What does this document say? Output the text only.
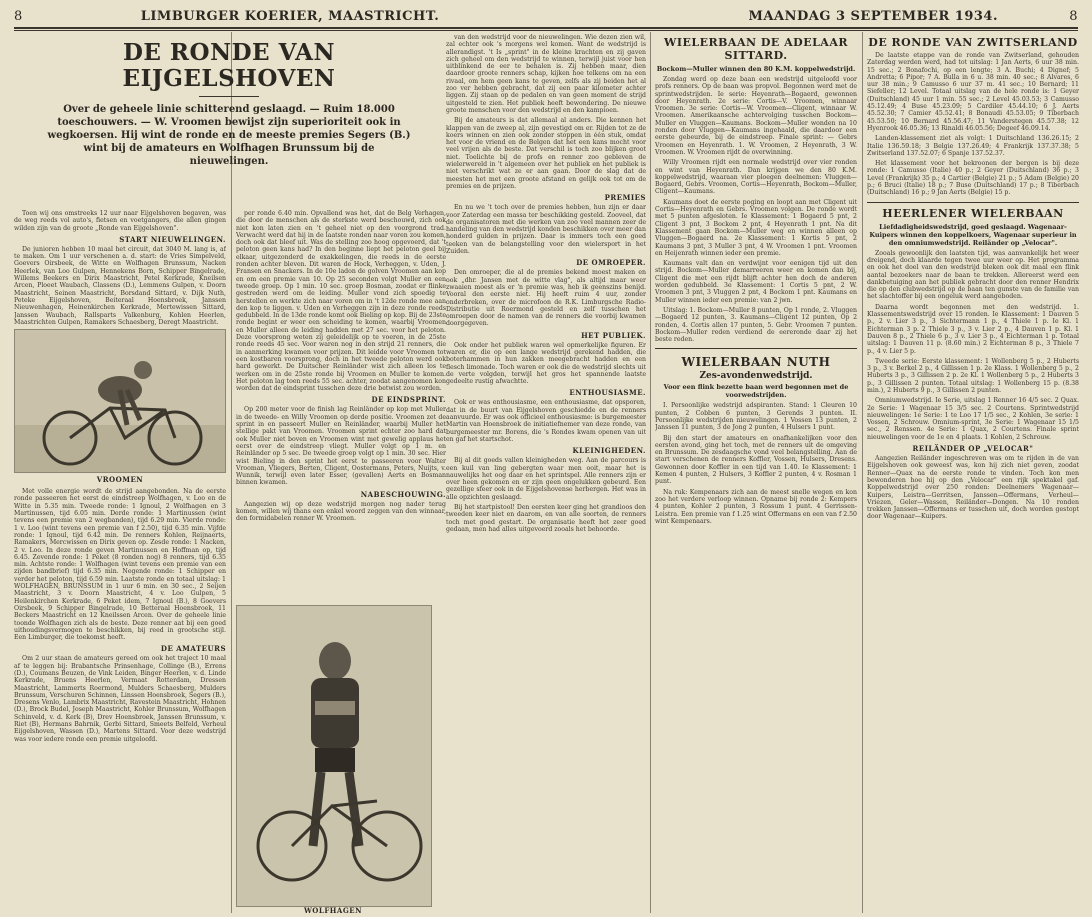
8	LIMBURGER KOERIER, MAASTRICHT.	MAANDAG 3 SEPTEMBER 1934.	8
DE RONDE VAN EIJGELSHOVEN
Over de geheele linie schitterend geslaagd. — Ruim 18.000 toeschouwers. — W. Vroomen bewijst zijn superioriteit ook in wegkoersen. Hij wint de ronde en de meeste premies Segers (B.) wint bij de amateurs en Wolfhagen Brunssum bij de nieuwelingen.

Toen wij ons omstreeks 12 uur naar Eijgelshoven begaven, was de weg reeds vol auto's, fietsen en voetgangers, die allen gingen wilden zijn van de groote „Ronde van Eijgelshoven".

START NIEUWELINGEN.

De junioren hebben 10 maal het circuit, dat 3040 M. lang is, af te maken. Om 1 uur verschenen a. d. start: de Vries Simpelveld, Goevers Oirsbeek, de Witte en Wolfhagen Brunssum, Nacken Heerlek, van Loo Gulpen, Hennekens Born, Schipper Bingelrade, Willems Beekers en Dirix Maastricht, Petel Kerkrade, Kneilsen Arcen, Ploeet Waubach, Classens (D.), Lemmens Gulpen, v. Doorn Maastricht, Seinen Maastricht, Borsdand Sittard, v. Dijk Nuth, Peteke Eijgelshoven, Beiteraal Hoensbroek, Janssen Nieuwenhagen, Heinenkirchen Kerkrade, Mertewissen Sittard, Janssen Waubach, Rallsparts Valkenburg, Kohlen Heerlen, Maastrichten Gulpen, Ramakers Schaesberg, Deregt Maastricht.

VROOMEN

Met volle energie wordt de strijd aangebonden. Na de eerste ronde passeeren het eerst de eindstreep Wolfhagen, v. Loo en de Witte in 5.35 min. Tweede ronde: 1 Ignoul, 2 Wolfhagen en 3 Martinussen, tijd 6.05 min. Derde ronde: 1 Martinussen (wint tevens een premie van 2 wegbanden), tijd 6.29 min. Vierde ronde: 1 v. Loo (wint tevens een premie van f 2.50), tijd 6.35 min. Vijfde ronde: 1 Ignoul, tijd 6.42 min. De renners Kohlen, Reijnaerts, Ramakers, Mercwissen en Dirix geven op. Zesde ronde: 1 Nacken, 2 v. Loo. In deze ronde geven Martinussen en Hoffman op, tijd 6.45. Zevende ronde: 1 Peket (8 ronden nog) 8 renners, tijd 6.35 min. Achtste ronde: 1 Wolfhagen (wint tevens een premie van een zijden bandbrief) tijd 6.35 min. Negende ronde: 1 Schipper en verder het peloton, tijd 6.59 min. Laatste ronde en totaal uitslag: 1 WOLFHAGEN, BRUNSSUM in 1 uur 6 min. en 30 sec., 2 Seijen Maastricht, 3 v. Doorn Maastricht, 4 v. Loo Gulpen, 5 Heilenkirchen Kerkrade, 6 Peket idem, 7 Ignoul (B.), 8 Goevers Oirsbeek, 9 Schipper Bingelrade, 10 Betteraal Hoensbroek, 11 Beckers Maastricht en 12 Kneilssen Arcen. Over de geheele linie toonde Wolfhagen zich als de beste. Deze renner aat bij een goed uithoudingsvermogen te beschikken, bij reed in grootsche stijl. Een Limburger, die toekomst heeft.

DE AMATEURS

Om 2 uur staan de amateurs gereed om ook het traject 10 maal af te leggen bij: Brabantsche Prinsenhage, Collinge (B.), Errens (D.), Coumans Beuzen, de Vink Leiden, Binger Heerlen, v. d. Linde Kerkrade, Bruens Heerlen, Vermaat Rotterdam, Dressen Maastricht, Lammerts Roermond, Mulders Schaesberg, Mulders Brunssum, Verschuren Schinnen, Linssen Hoensbroek, Segers (B.), Dresens Venlo, Lambrix Maastricht, Ravestein Maastricht, Hohnen (D.), Brock Budel, Joseph Maastricht, Kohler Brunssum, Wolfhagen Schinveld, v. d. Kerk (B), Drev Hoensbroek, Janssen Brunssum, v. Riet (B), Hermans Bahrnik, Gerbi Sittard, Smeets Belfeld, Verheul Eijgelshoven, Wassen (D.), Martens Sittard. Voor deze wedstrijd was voor iedere ronde een premie uitgeloofd.

per ronde 6.40 min. Opvallend was het, dat de Belg Verhagen, die door de menschen als de sterkste werd beschouwd, zich ook niet kon laten zien en 't geheel niet op den voorgrond trad. Verwacht werd dat hij in de laatste ronden naar voren zou komen, doch ook dat bleef uit. Was de stelling zoo hoog opgevoerd, dat 't peloton geen kans had? In den beginne liept het peloton geel bij elkaar, uitgezonderd de exakkelingen, die reeds in de eerste ronden achter bleven. Dit waren de Hock, Verheggen, v. Uden, J. Fransen en Snackers. In de 10e ladon de golven Vroomen aan kop en om een premie van 10. Op 25 seconden volgt Muller en een tweede groep. Op 1 min. 10 sec. groep Bosman, zoodat er flinke gestreden werd om de leiding. Muller vond zich spoedig te herstellen en werkte zich naar voren om in 't 12de ronde mee aan den kop te liggen. v. Uden en Verheggen zijn in deze ronde reeds gedubbeld. In de 13de ronde komt ook Bieling op kop. Bij de 23ste ronde begint er weer een scheiding te komen, waarbij Vroomen en Muller alleen de leiding hadden met 27 sec. voor het peloton. Deze voorsprong weten zij geleidelijk op te voeren, in de 25ste ronde reeds 45 sec. Voor waren nog in den strijd 21 renners, die in aanmerking kwamen voor prijzen. Dit leidde voor Vroomen tot een kostbaren voorsprong, doch in het tweede peloton werd ook hard gewerkt. De Duitscher Reinländer wist zich alleen los te werken om in de 25ste ronde bij Vroomen en Muller te komen. Het peloton lag toen reeds 55 sec. achter, zoodat aangenomen kon worden dat de eindsprint tusschen deze drie betwist zou worden.

DE EINDSPRINT.

Op 200 meter voor de finish lag Reinländer op kop met Muller in de tweede- en Willy Vroomen op derde positie. Vroomen zet de sprint in en passeert Muller en Reinländer, waarbij Muller het stellige pakt van Vroomen. Vroomen sprint echter zoo hard dat ook Muller niet boven en Vroomen wint met gewelig applaus het eerst over de eindstreep vliegt. Muller volgt op 1 m. en Reinländer op 5 sec. De tweede groep volgt op 1 min. 30 sec. Hier wist Bieling in den sprint het eerst te passeeren voor Walter Vrooman, Vliegers, Berten, Cligent, Oostermans, Peters, Nuijts, v. Wunnik, terwijl even later Esser, (gevallen) Aerts en Bosman binnen kwamen.

NABESCHOUWING.

Aangezien wij op deze wedstrijd morgen nog nader terug komen, willen wij thans een enkel woord zeggen van den winnaar, den formidabelen renner W. Vroomen.

WOLFHAGEN

van den wedstrijd voor de nieuwelingen. Wie dezen zien wil, zal echter ook 's morgens wel komen. Want de wedstrijd is allerandigst. 't Is „sprint" in de kleine krachten en zij gaven zich geheel om den wedstrijd te winnen, terwijl juist voor hen uitblinkend de eer te behalen is. Zij hebben maar, dien daardoor groote renners schap, kijken hoe telkens om na een rivaal, om hem geen kans te geven, zelfs als zij beiden het al zoo ver hebben gebracht, dat zij een paar kilometer achter liggen. Zij staan op de pedalen en van geen moment de strijd uitgesteld te zien. Het publiek heeft bewondering. De nieuwe groote menschen voor den wedstrijd en den kampioen.

Bij de amateurs is dat allemaal al anders. Die kennen het klappen van de zweep al, zijn gevestigd om er. Rijden tot ze de koers winnen en zien ook zonder stoppen in één stuk, omdat het voor de vriend en de Belgen dat het een kans mocht voor veel vrijen als de beste. Dat verschil is toch zoo blijken groot niet. Toelichte bij de profs en renner zoo gebleven de wielerwereld in 't algemeen over het publiek en het publiek is niet verschrikt wat ze er aan gaan. Door de slag dat de meesten het met een groote afstand en gelijk ook tot om de premies en de prijzen.

PREMIES

En nu we 't toch over de premies hebben, hun zijn er daar voor Zaterdag een massa ter beschikking gesteld. Zooveel, dat de organisatoren met die werken van zoo veel mannen zeer de handeling van den wedstrijd konden beschikken over meer dan honderd gulden in prijzen. Daar is immers toch een goed teeken van de belangstelling voor den wielersport in het Zuiden.

DE OMROEPER.

Den omroeper, die al de premies bekend moest maken en ook „dhr. Jansen met de witte vlag", als altijd maar weer zwaaien moest als er 'n premie was, heb ik geenszins benijd. Vooral den eerste niet. Hij heeft ruim 4 uur, zonder onderbreken, over de microfoon de R.K. Limburgsche Radio-Distributie uit Roermond gesteld en zelf tusschen het omroepen door de namen van de renners die voorbij kwamen doorgegeven.

HET PUBLIEK.

Ook onder het publiek waren wel opmerkelijke figuren. Er waren er, die op een lange wedstrijd gerekend hadden, die boterhammen in hun zakken meegebracht hadden en een flesch limonade. Toch waren er ook die de wedstrijd slechts uit de verte volgden, terwijl het gros het spannende laatste gedeelte rustig afwachtte.

ENTHOUSIASME.

Ook er was enthousiasme, een enthousiasme, dat opsporen, dat in de buurt van Eijgelshoven geschiedde en de renners aanvuurde. Er was ook officieel enthousiasme: is burgemeester Martin van Hoensbroek de initiatiefnemer van deze ronde, van burgemeester mr. Borens, die 's Rondes kwam openen van uit en gaf het startschot.

KLEINIGHEDEN.

Bij al dit goeds vallen kleinigheden weg. Aan de parcours is een kuil van ling gebergten waar men ooit, maar het is nauwelijks het oog daar en het sprintspel. Alle renners zijn er over heen gekomen en er zijn geen ongelukken gebeurd. Een gezellige sfeer ook in de Eijgelshovense herbergen. Het was in alle opzichten geslaagd.

Bij het startpistool! Den eersten keer ging het grandioos den tweeden keer niet en daarom, en van alle soorten, de renners toch met goed gestart. De organisatie heeft het zeer goed gedaan, men had alles uitgevoerd zooals het behoorde.

WIELERBAAN DE ADELAAR SITTARD.
Bockom—Muller winnen den 80 K.M. koppelwedstrijd.

Zondag werd op deze baan een wedstrijd uitgeloofd voor profs renners. Op de baan was propvol. Begonnen werd met de sprintwedstrijden. Ie serie: Heyenrath—Bogaerd, gewonnen door Heyenrath. 2e serie: Cortis—V. Vroomen, winnaar Vroomen. 3e serie: Cortis—W. Vroomen—Cligent, winnaar W. Vroomen. Amerikaansche achtervolging tusschen Bockom—Muller en Vluggen—Kaumans. Bockom—Muller wonden na 10 ronden door Vluggen—Kaumans ingehaald, die daardoor een eerste gebeurde, bij de eindstreep. Finale sprint: — Gebrs Vroomen en Heyenrath. 1. W. Vroomen, 2 Heyenrath, 3 W. Vroomen. W. Vroomen rijdt de overwinning.

Willy Vroomen rijdt een normale wedstrijd over vier ronden en wint van Heyenrath. Dan krijgen we den 80 K.M. koppelwedstrijd, waaraan vier ploegen deelnemen: Vluggen—Bogaerd, Gebrs. Vroomen, Cortis—Heyenrath, Bockom—Muller, Cligent—Kaumans.

Kaumans doet de eerste poging en loopt aan met Cligent uit Cortis—Heyenrath en Gebrs. Vroomen volgen. De ronde wordt met 5 punten afgesloten. Ie Klassement: 1 Bogaerd 5 pnt, 2 Cligent 3 pnt, 3 Bockom 2 pnt, 4 Heyenrath 1 pnt. Na dit Klassement gaan Bockom—Muller weg en winnen alleen op Vluggen—Bogaerd na. 2e Klassement: 1 Kortis 5 pnt, 2 Kaumans 3 pnt, 3 Muller 3 pnt, 4 W. Vroomen 1 pnt. Vroomen en Heijenrath winnen ieder een premie.

Kaumans valt dan en verdwijnt voor eenigen tijd uit den strijd. Bockom—Muller demarreeren weer en komen dan bij, Cligent die met een rijdt blijft achter hen doch de anderen worden gedubbeld. 3e Klassement: 1 Cortis 5 pnt, 2 W. Vroomen 3 pnt, 3 Vluggen 2 pnt, 4 Bockom 1 pnt. Kaumans en Muller winnen ieder een premie: van 2 jwn.

Uitslag: 1. Bockom—Muller 8 punten, Op 1 ronde, 2. Vluggen—Bogaerd 12 punten, 3. Kaumans—Cligent 12 punten, Op 2 ronden, 4. Cortis allen 17 punten, 5. Gebr. Vroomen 7 punten. Bockom—Muller reden verdiend de eereronde daar zij het beste reden.

WIELERBAAN NUTH
Zes-avondenwedstrijd.
Voor een flink bezette baan werd begonnen met de voorwedstrijden.

I. Persoonlijke wedstrijd adspiranten. Stand: 1 Cleuren 10 punten, 2 Cobben 6 punten, 3 Gerends 3 punten. II. Persoonlijke wedstrijden nieuwelingen. 1 Vossen 13 punten, 2 Janssen 11 punten, 3 de Jong 2 punten, 4 Hulsers 1 punt.

Bij den start der amateurs en onafhankelijken voor den eersten avond, ging het toch, met de renners uit de omgeving en Brunssum. De zesdaagsche vond veel belangstelling. Aan de start verschenen de renners Koffler, Vossen, Hulsers, Dresens. Gewonnen door Koffler in een tijd van 1.40. Ie Klassement: 1 Kemen 4 punten, 2 Hulsers, 3 Koffler 2 punten, 4 v. Rosman 1 punt.

Na ruk: Kempenaars zich aan de meest snelle wegen en kon zoo het verdere verloop winnen. Opname bij ronde 2: Kempers 4 punten, Kohler 2 punten, 3 Rossum 1 punt. 4 Gerrissen-Leistra. Een premie van f 1.25 wint Offermans en een van f 2.50 wint Kempenaars.

DE RONDE VAN ZWITSERLAND

De laatste etappe van de ronde van Zwitserland, gehouden Zaterdag werden werd, had tot uitslag: 1 Jan Aerts, 6 uur 38 min. 15 sec.; 2 Bonafochi, op een lengte; 3 A. Buchi; 4 Dignef; 5 Andretta; 6 Pipor; 7 A. Bulla in 6 u. 38 min. 40 sec.; 8 Alvares, 6 uur 38 min.; 9 Camusso 6 uur 37 m. 41 sec.; 10 Bernard; 11 Siefeller; 12 Level. Totaal uitslag van de hele ronde is: 1 Geyer (Duitschland) 45 uur 1 min. 55 sec.; 2 Level 45.03.53; 3 Camusso 45.12.49; 4 Buse 45.23.09; 5 Cardiler 45.44.10; 6 J. Aerts 45.52.30; 7 Camier 45.52.41; 8 Bonaudi 45.53.05; 9 Tiberbach 45.53.50; 10 Bernard 45.56.47; 11 Vanderstegen 45.57.38; 12 Hyenrook 46.05.36; 13 Rinaldi 46.05.56; Degeef 46.09.14.

Landen-klassement ziet als volgt: 1 Duitschland 136.26.15; 2 Italie 136.59.18; 3 Belgie 137.26.49; 4 Frankrijk 137.37.38; 5 Zwitserland 137.52.07; 6 Spanje 137.52.37.

Het klassement voor het bekroonen der bergen is bij deze ronde: 1 Camusso (Italie) 40 p.; 2 Geyer (Duitschland) 36 p.; 3 Level (Frankrijk) 35 p.; 4 Cartier (Belgie) 21 p.; 5 Adam (Belgie) 20 p.; 6 Bruci (Italie) 18 p.; 7 Buse (Duitschland) 17 p.; 8 Tiberbach (Duitschland) 16 p.; 9 Jan Aerts (Belgie) 15 p.

HEERLENER WIELERBAAN
Liefdadigheidswedstrijd, goed geslaagd. Wagenaar-Kuipers winnen den koppelkoers, Wagenaar superieur in den omniumwedstrijd. Reiländer op „Velocar".

Zooals gewoonlijk den laatsten tijd, was aanvankelijk het weer dreigend, doch klaarde tegen twee uur weer op. Het programma en ook het doel van den wedstrijd bleken ook dit maal een flink aantal bezoekers naar de baan te trekken. Allereerst werd een dankbetuiging aan het publiek gebracht door den renner Hendrix die op den clubwedstrijd op de baan ten gunste van de familie van het slachtoffer bij een ongeluk werd aangeboden.

Daarna wordt begonnen met den wedstrijd. 1. Klassementswedstrijd over 15 ronden. Ie Klassement: 1 Dauven 5 p., 2 v. Lier 3 p., 3 Sichtermann 1 p., 4 Thiele 1 p. Ie Kl. 1 Eichterman 3 p. 2 Thiele 3 p., 3 v. Lier 2 p., 4 Dauven 1 p. Kl. 1 Dauven 8 p., 2 Thiele 6 p., 3 v. Lier 3 p., 4 Eichterman 1 p. Totaal uitslag: 1 Dauven 11 p. (8.60 min.) 2 Eichterman 8 p., 3 Thiele 7 p., 4 v. Lier 5 p.

Tweede serie: Eerste klassement: 1 Wollenberg 5 p., 2 Huberts 3 p., 3 v. Berkel 2 p., 4 Gillissen 1 p. 2e Klass. 1 Wollenberg 5 p., 2 Huberts 3 p., 3 Gillissen 2 p. 2e Kl. 1 Wollenberg 5 p., 2 Huberts 3 p., 3 Gillissen 2 punten. Totaal uitslag: 1 Wollenberg 15 p. (8.38 min.), 2 Huberts 9 p., 3 Gillissen 2 punten.

Omniumwedstrijd. Ie Serie, uitslag 1 Renner 16 4/5 sec. 2 Quax. 2e Serie: 1 Wagenaar 15 3/5 sec. 2 Courtens. Sprintwedstrijd nieuwelingen: 1e Serie: 1 te Loo 17 1/5 sec., 2 Kohlen, 3e serie: 1 Vossen, 2 Schrouw. Omnium-sprint, 3e Serie: 1 Wagenaar 15 1/5 sec., 2 Renssen. 4e Serie: 1 Quax, 2 Courtens. Finale sprint nieuwelingen voor de 1e en 4 plaats. 1 Kohlen, 2 Schrouw.

REILÄNDER OP „VELOCAR"

Aangezien Reiländer ingeschreven was om te rijden in de van Eijgelshoven ook geweest was, kon hij zich niet geven, zoodat Renner—Quax na de eerste ronde te vinden. Toch kon men bewonderen hoe hij op den „Velocar" een rijk spektakel gaf. Koppelwedstrijd over 250 ronden: Deelnemers Wagenaar—Kuipers, Leistra—Gerritsen, Janssen—Offermans, Verheul—Vriezen, Geler—Wassen, Reiländer—Dongen. Na 10 ronden trekken Janssen—Offermans er tusschen uit, doch worden gestopt door Wagenaar—Kuipers.
